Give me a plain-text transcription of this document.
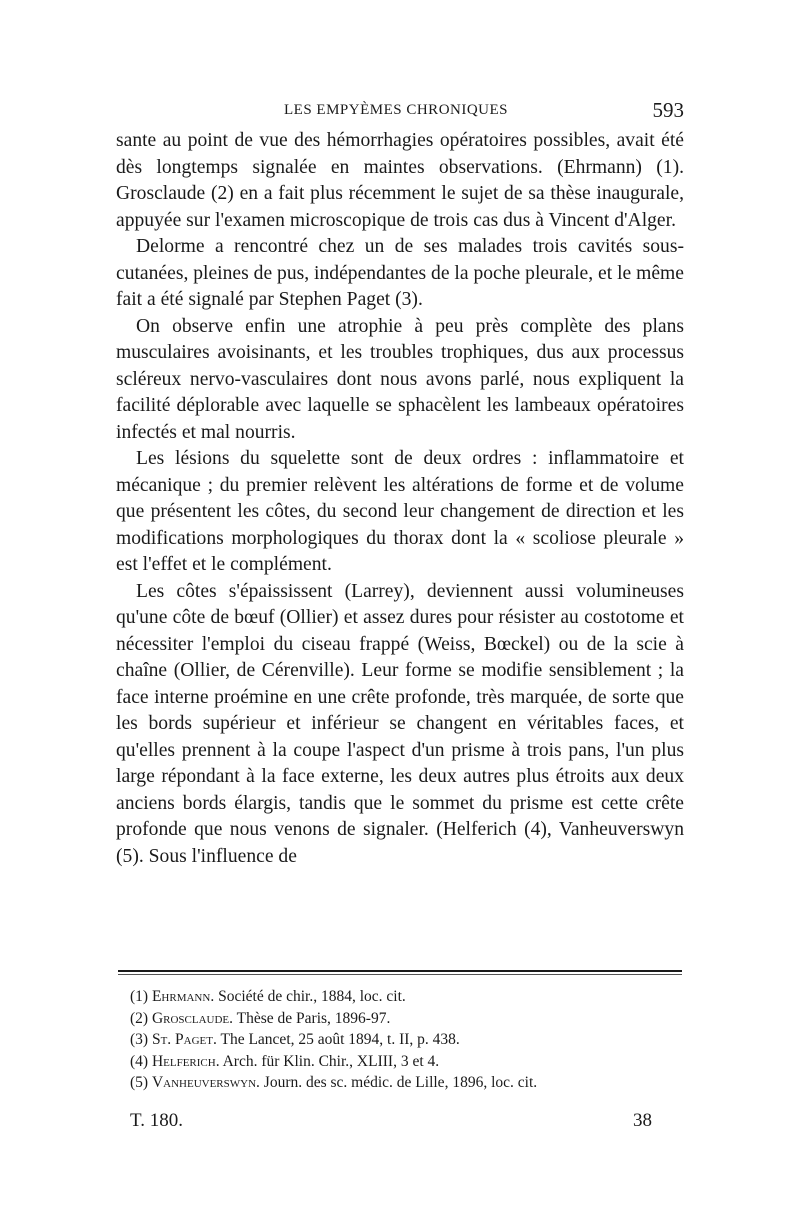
LES EMPYÈMES CHRONIQUES	593

sante au point de vue des hémorrhagies opératoires possibles, avait été dès longtemps signalée en maintes observations. (Ehrmann) (1). Grosclaude (2) en a fait plus récemment le sujet de sa thèse inaugurale, appuyée sur l'examen microscopique de trois cas dus à Vincent d'Alger.

Delorme a rencontré chez un de ses malades trois cavités sous-cutanées, pleines de pus, indépendantes de la poche pleurale, et le même fait a été signalé par Stephen Paget (3).

On observe enfin une atrophie à peu près complète des plans musculaires avoisinants, et les troubles trophiques, dus aux processus scléreux nervo-vasculaires dont nous avons parlé, nous expliquent la facilité déplorable avec laquelle se sphacèlent les lambeaux opératoires infectés et mal nourris.

Les lésions du squelette sont de deux ordres : inflammatoire et mécanique ; du premier relèvent les altérations de forme et de volume que présentent les côtes, du second leur changement de direction et les modifications morphologiques du thorax dont la « scoliose pleurale » est l'effet et le complément.

Les côtes s'épaississent (Larrey), deviennent aussi volumineuses qu'une côte de bœuf (Ollier) et assez dures pour résister au costotome et nécessiter l'emploi du ciseau frappé (Weiss, Bœckel) ou de la scie à chaîne (Ollier, de Cérenville). Leur forme se modifie sensiblement ; la face interne proémine en une crête profonde, très marquée, de sorte que les bords supérieur et inférieur se changent en véritables faces, et qu'elles prennent à la coupe l'aspect d'un prisme à trois pans, l'un plus large répondant à la face externe, les deux autres plus étroits aux deux anciens bords élargis, tandis que le sommet du prisme est cette crête profonde que nous venons de signaler. (Helferich (4), Vanheuverswyn (5). Sous l'influence de

(1) Ehrmann. Société de chir., 1884, loc. cit.
(2) Grosclaude. Thèse de Paris, 1896-97.
(3) St. Paget. The Lancet, 25 août 1894, t. II, p. 438.
(4) Helferich. Arch. für Klin. Chir., XLIII, 3 et 4.
(5) Vanheuverswyn. Journ. des sc. médic. de Lille, 1896, loc. cit.
T. 180.	38
